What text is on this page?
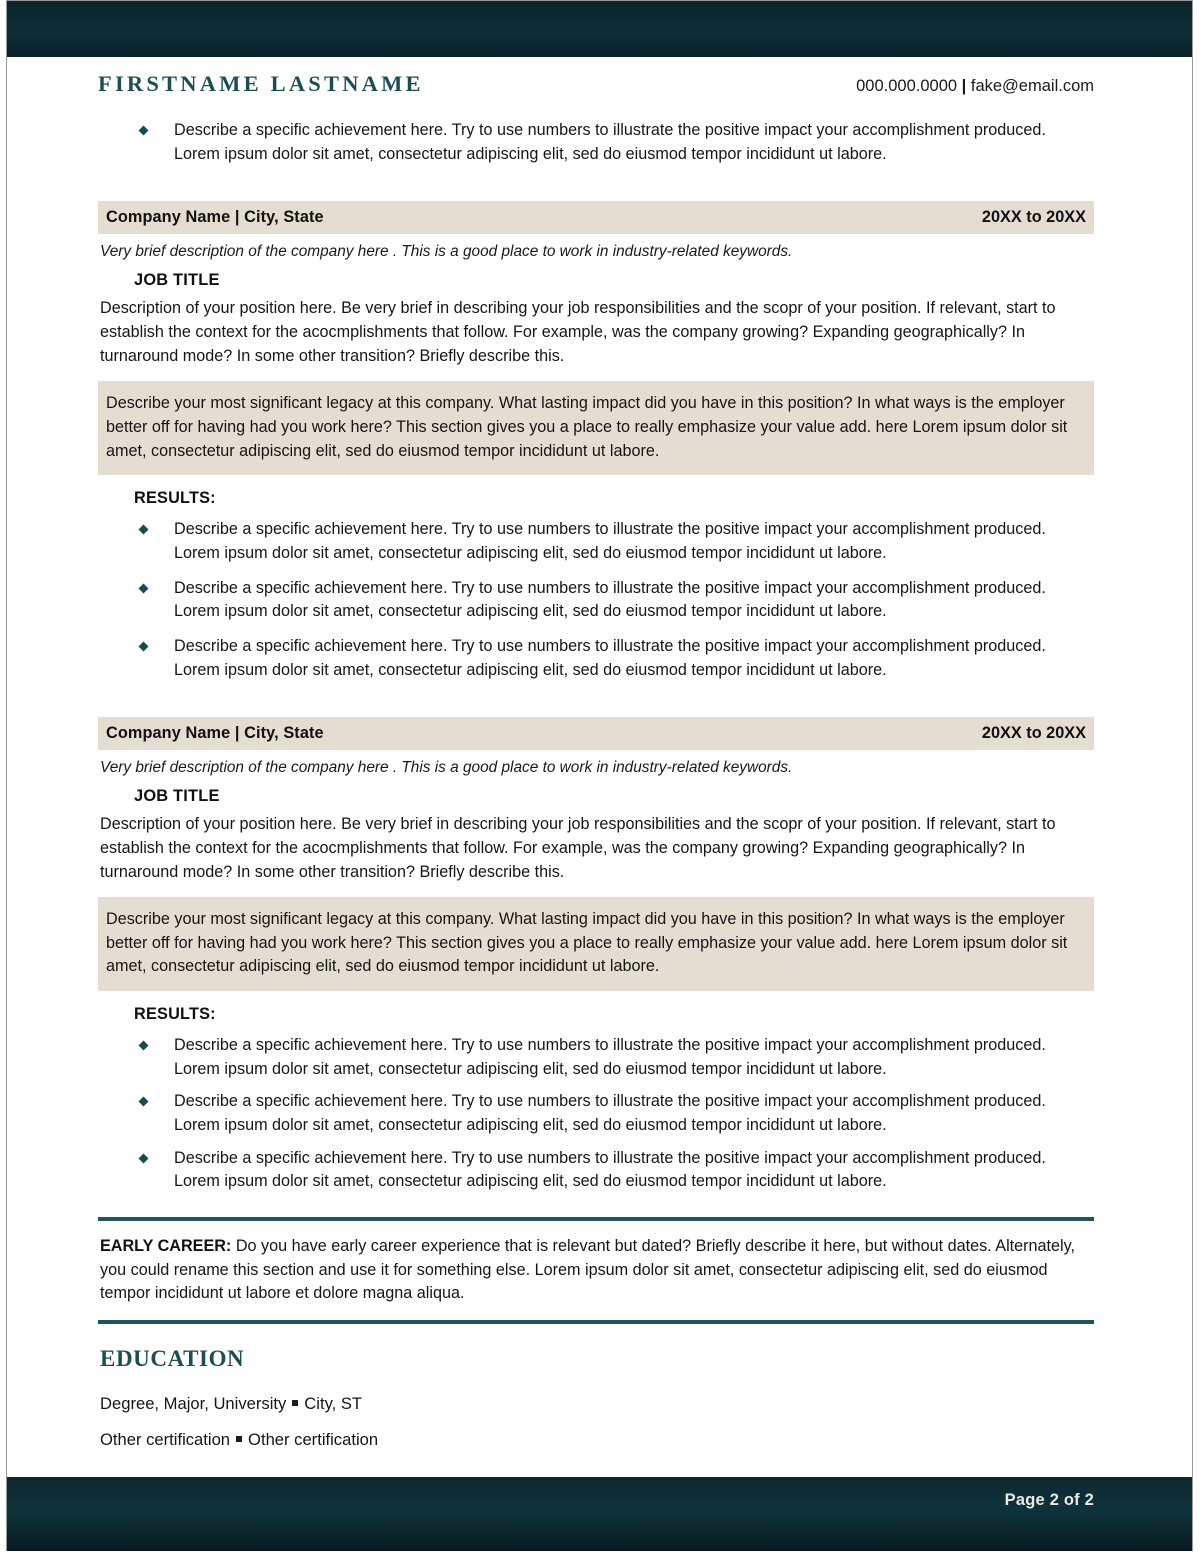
FIRSTNAME LASTNAME	000.000.0000 | fake@email.com
Describe a specific achievement here. Try to use numbers to illustrate the positive impact your accomplishment produced. Lorem ipsum dolor sit amet, consectetur adipiscing elit, sed do eiusmod tempor incididunt ut labore.
Company Name | City, State	20XX to 20XX
Very brief description of the company here . This is a good place to work in industry-related keywords.
JOB TITLE
Description of your position here. Be very brief in describing your job responsibilities and the scopr of your position. If relevant, start to establish the context for the acocmplishments that follow. For example, was the company growing? Expanding geographically? In turnaround mode? In some other transition? Briefly describe this.
Describe your most significant legacy at this company. What lasting impact did you have in this position? In what ways is the employer better off for having had you work here? This section gives you a place to really emphasize your value add. here Lorem ipsum dolor sit amet, consectetur adipiscing elit, sed do eiusmod tempor incididunt ut labore.
RESULTS:
Describe a specific achievement here. Try to use numbers to illustrate the positive impact your accomplishment produced. Lorem ipsum dolor sit amet, consectetur adipiscing elit, sed do eiusmod tempor incididunt ut labore.
Describe a specific achievement here. Try to use numbers to illustrate the positive impact your accomplishment produced. Lorem ipsum dolor sit amet, consectetur adipiscing elit, sed do eiusmod tempor incididunt ut labore.
Describe a specific achievement here. Try to use numbers to illustrate the positive impact your accomplishment produced. Lorem ipsum dolor sit amet, consectetur adipiscing elit, sed do eiusmod tempor incididunt ut labore.
Company Name | City, State	20XX to 20XX
Very brief description of the company here . This is a good place to work in industry-related keywords.
JOB TITLE
Description of your position here. Be very brief in describing your job responsibilities and the scopr of your position. If relevant, start to establish the context for the acocmplishments that follow. For example, was the company growing? Expanding geographically? In turnaround mode? In some other transition? Briefly describe this.
Describe your most significant legacy at this company. What lasting impact did you have in this position? In what ways is the employer better off for having had you work here? This section gives you a place to really emphasize your value add. here Lorem ipsum dolor sit amet, consectetur adipiscing elit, sed do eiusmod tempor incididunt ut labore.
RESULTS:
Describe a specific achievement here. Try to use numbers to illustrate the positive impact your accomplishment produced. Lorem ipsum dolor sit amet, consectetur adipiscing elit, sed do eiusmod tempor incididunt ut labore.
Describe a specific achievement here. Try to use numbers to illustrate the positive impact your accomplishment produced. Lorem ipsum dolor sit amet, consectetur adipiscing elit, sed do eiusmod tempor incididunt ut labore.
Describe a specific achievement here. Try to use numbers to illustrate the positive impact your accomplishment produced. Lorem ipsum dolor sit amet, consectetur adipiscing elit, sed do eiusmod tempor incididunt ut labore.
EARLY CAREER: Do you have early career experience that is relevant but dated? Briefly describe it here, but without dates. Alternately, you could rename this section and use it for something else. Lorem ipsum dolor sit amet, consectetur adipiscing elit, sed do eiusmod tempor incididunt ut labore et dolore magna aliqua.
EDUCATION
Degree, Major, University City, ST
Other certification Other certification
Page 2 of 2
